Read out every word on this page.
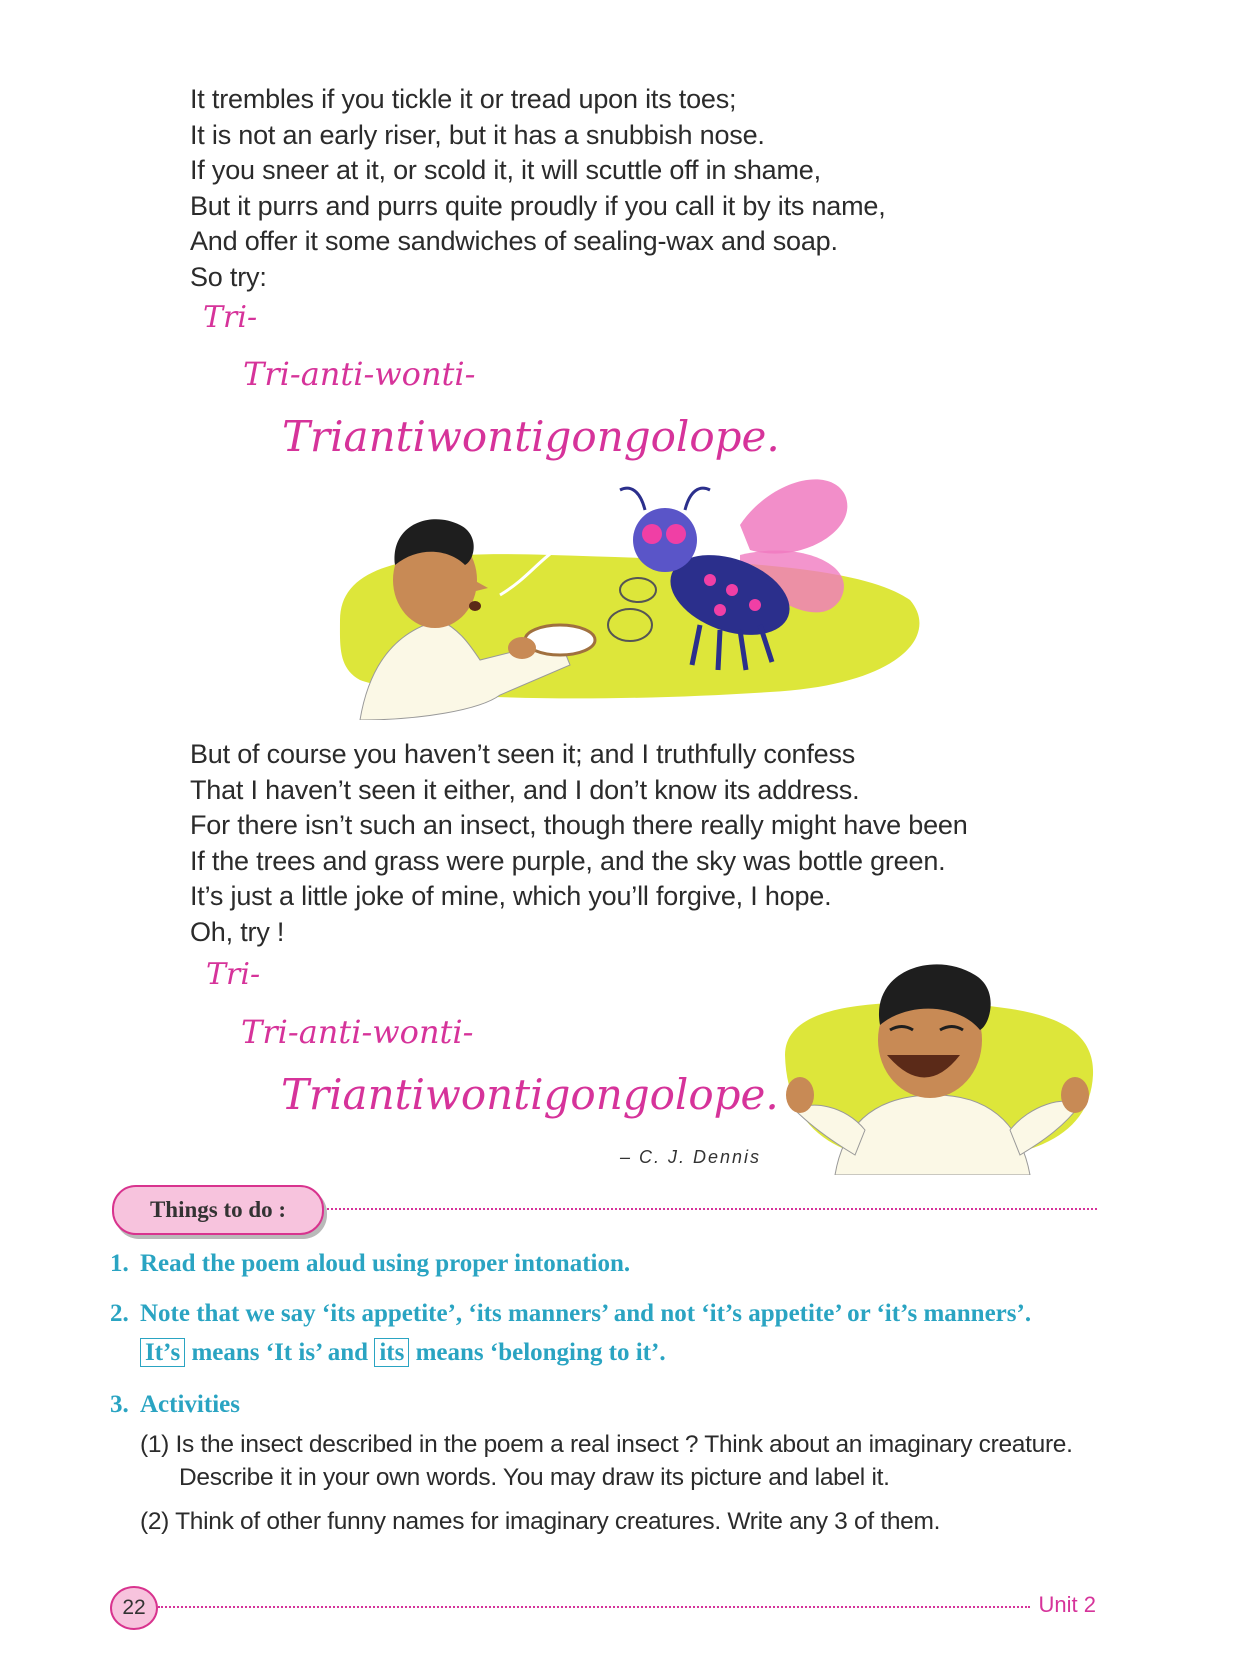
It trembles if you tickle it or tread upon its toes;
It is not an early riser, but it has a snubbish nose.
If you sneer at it, or scold it, it will scuttle off in shame,
But it purrs and purrs quite proudly if you call it by its name,
And offer it some sandwiches of sealing-wax and soap.
So try:
Tri-
Tri-anti-wonti-
Triantiwontigongolope.
But of course you haven’t seen it; and I truthfully confess
That I haven’t seen it either, and I don’t know its address.
For there isn’t such an insect, though there really might have been
If the trees and grass were purple, and the sky was bottle green.
It’s just a little joke of mine, which you’ll forgive, I hope.
Oh, try !
Tri-
Tri-anti-wonti-
Triantiwontigongolope.
– C. J. Dennis
Things to do :
1. Read the poem aloud using proper intonation.
2. Note that we say ‘its appetite’, ‘its manners’ and not ‘it’s appetite’ or ‘it’s manners’.
It’s means ‘It is’ and its means ‘belonging to it’.
3. Activities
(1) Is the insect described in the poem a real insect ? Think about an imaginary creature.
Describe it in your own words. You may draw its picture and label it.
(2) Think of other funny names for imaginary creatures. Write any 3 of them.
22	Unit 2
